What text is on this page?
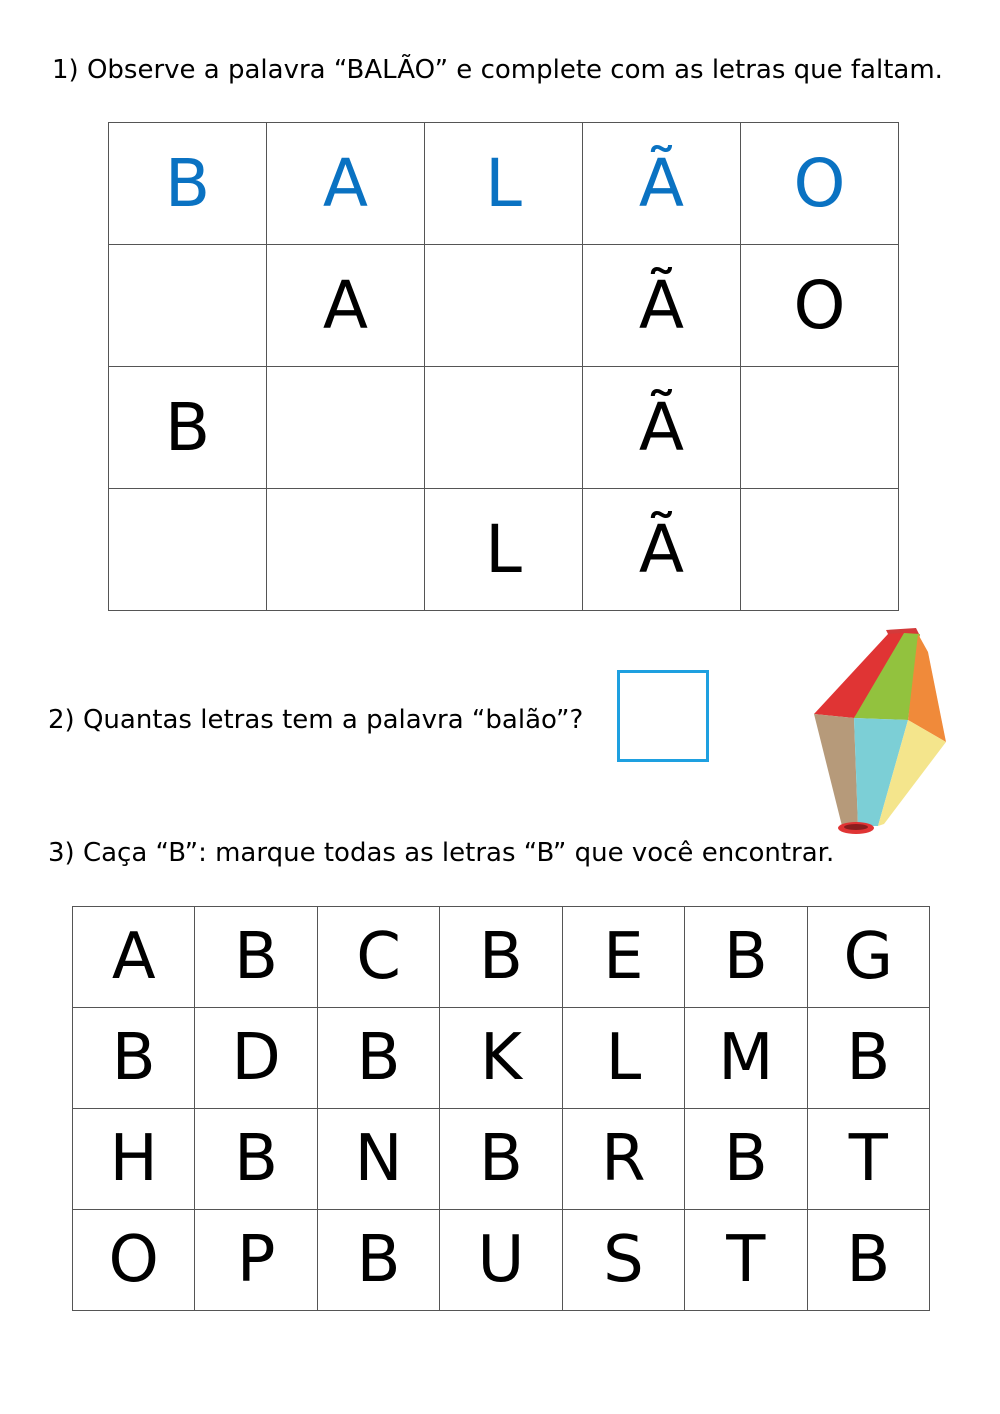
1) Observe a palavra “BALÃO” e complete com as letras que faltam.
B	A	L	Ã	O
	A		Ã	O
B			Ã	
		L	Ã	
2) Quantas letras tem a palavra “balão”?
3) Caça “B”: marque todas as letras “B” que você encontrar.
A	B	C	B	E	B	G
B	D	B	K	L	M	B
H	B	N	B	R	B	T
O	P	B	U	S	T	B
